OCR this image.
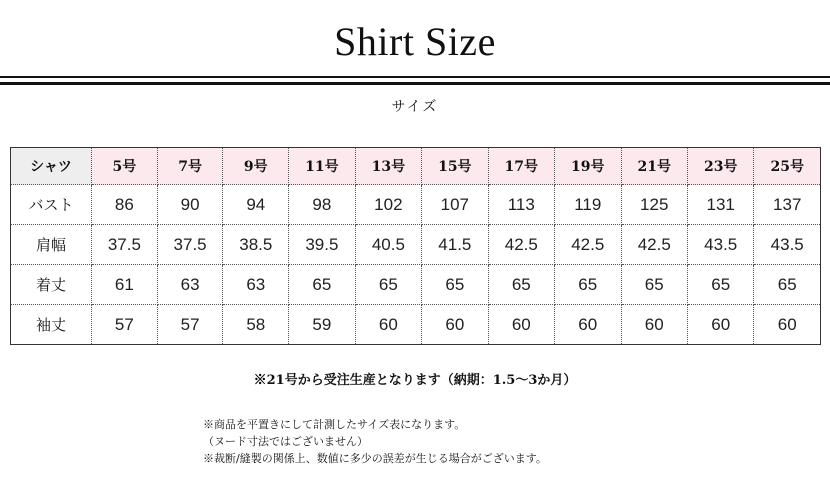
Shirt Size
サイズ
シャツ	5号	7号	9号	11号	13号	15号	17号	19号	21号	23号	25号
バスト	86	90	94	98	102	107	113	119	125	131	137
肩幅	37.5	37.5	38.5	39.5	40.5	41.5	42.5	42.5	42.5	43.5	43.5
着丈	61	63	63	65	65	65	65	65	65	65	65
袖丈	57	57	58	59	60	60	60	60	60	60	60
※21号から受注生産となります（納期：1.5～3か月）
※商品を平置きにして計測したサイズ表になります。
（ヌード寸法ではございません）
※裁断/縫製の関係上、数値に多少の誤差が生じる場合がございます。
